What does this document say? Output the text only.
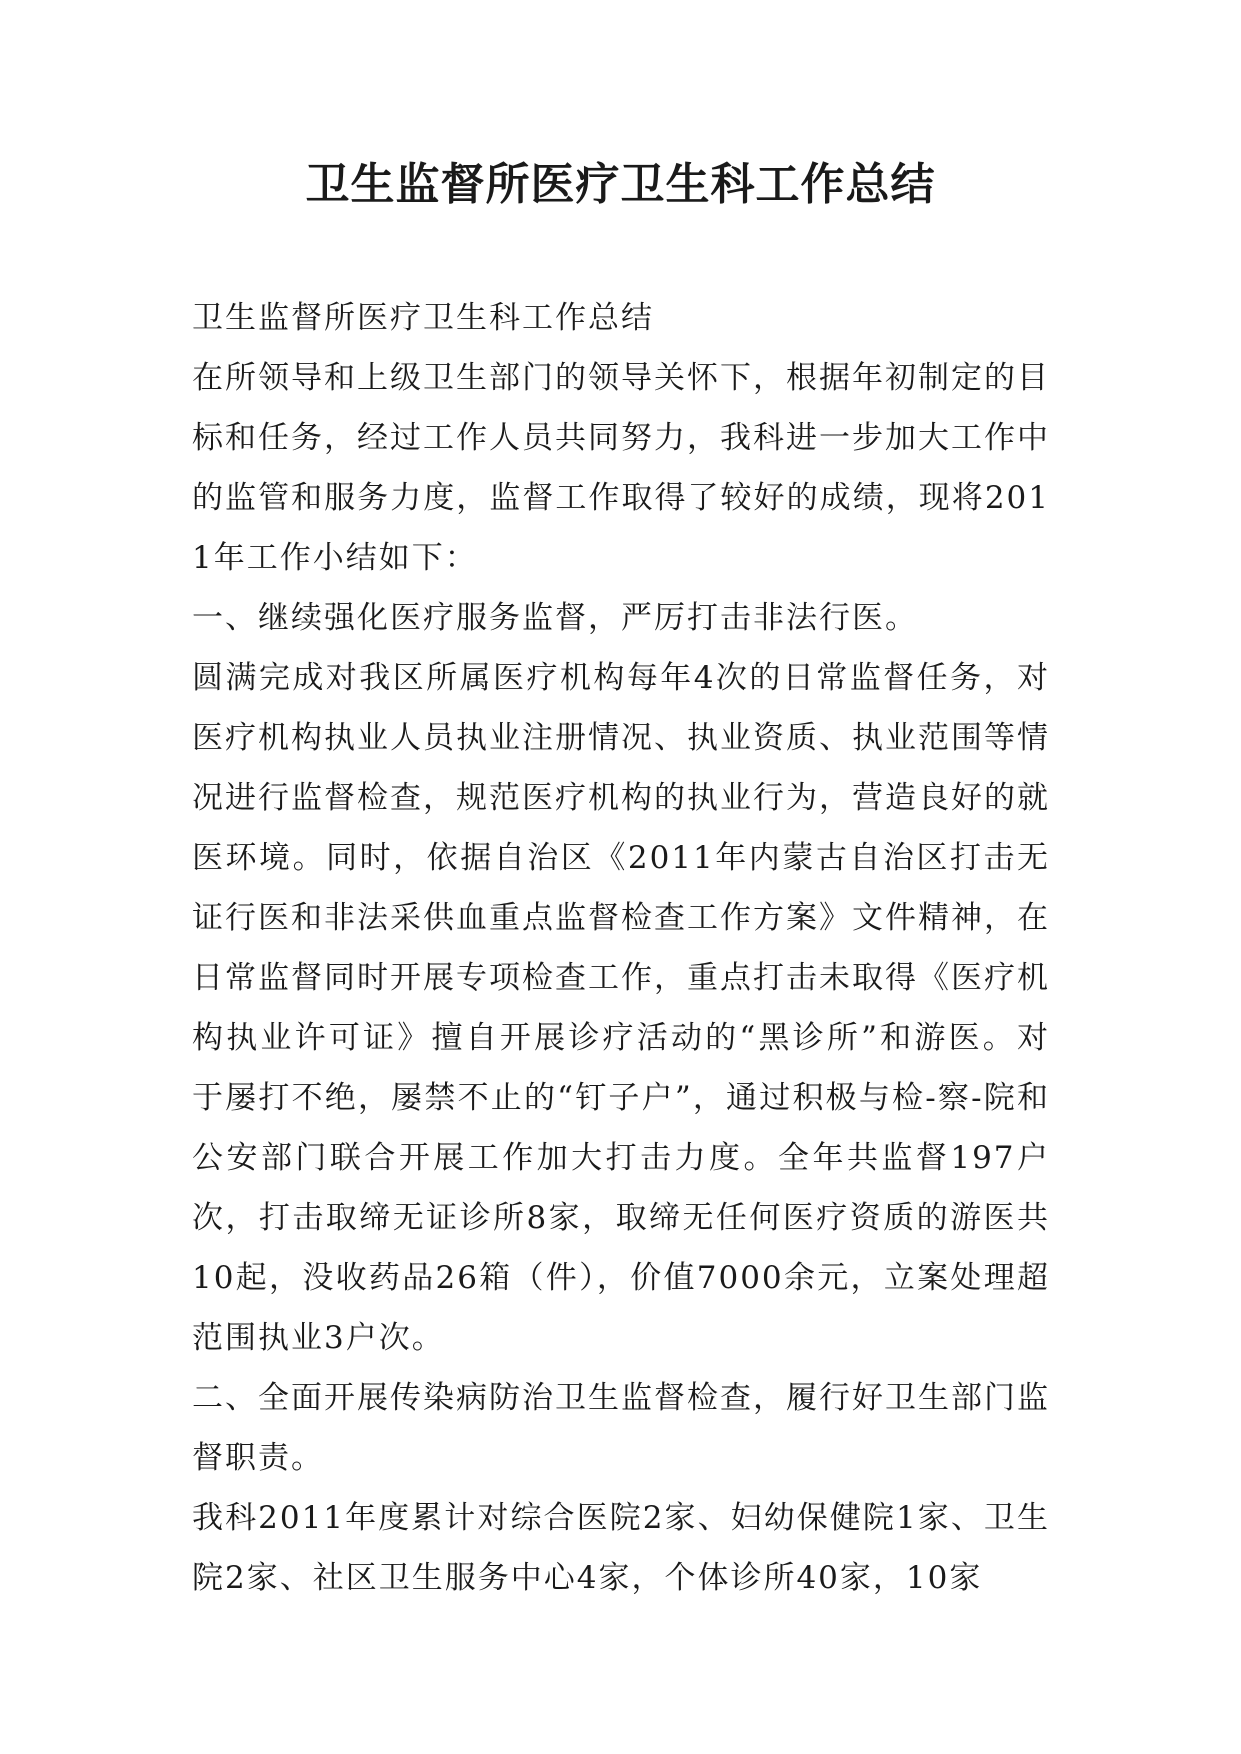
卫生监督所医疗卫生科工作总结

卫生监督所医疗卫生科工作总结

在所领导和上级卫生部门的领导关怀下，根据年初制定的目标和任务，经过工作人员共同努力，我科进一步加大工作中的监管和服务力度，监督工作取得了较好的成绩，现将2011年工作小结如下：

一、继续强化医疗服务监督，严厉打击非法行医。

圆满完成对我区所属医疗机构每年4次的日常监督任务，对医疗机构执业人员执业注册情况、执业资质、执业范围等情况进行监督检查，规范医疗机构的执业行为，营造良好的就医环境。同时，依据自治区《2011年内蒙古自治区打击无证行医和非法采供血重点监督检查工作方案》文件精神，在日常监督同时开展专项检查工作，重点打击未取得《医疗机构执业许可证》擅自开展诊疗活动的“黑诊所”和游医。对于屡打不绝，屡禁不止的“钉子户”，通过积极与检-察-院和公安部门联合开展工作加大打击力度。全年共监督197户次，打击取缔无证诊所8家，取缔无任何医疗资质的游医共10起，没收药品26箱（件），价值7000余元，立案处理超范围执业3户次。

二、全面开展传染病防治卫生监督检查，履行好卫生部门监督职责。

我科2011年度累计对综合医院2家、妇幼保健院1家、卫生院2家、社区卫生服务中心4家，个体诊所40家，10家
